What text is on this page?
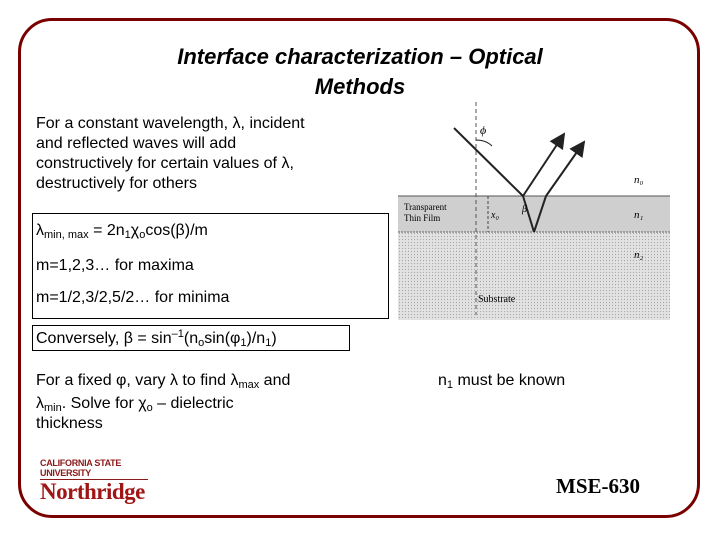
Interface characterization – Optical
Methods
For a constant wavelength, λ, incident
and reflected waves will add
constructively for certain values of λ,
destructively for others
$\lambda_{min, max} = 2n_1\chi_o\cos(\beta)/m$
m=1,2,3… for maxima
m=1/2,3/2,5/2… for minima
Conversely, $\beta = \sin^{-1}(n_o\sin(\varphi_1)/n_1)$
For a fixed φ, vary λ to find $\lambda_{max}$ and
$\lambda_{min}$. Solve for $\chi_o$ – dielectric
thickness
$n_1$ must be known
ϕ
Transparent
Thin Film	x₀
β
n₀
n₁
n₂
Substrate
CALIFORNIA STATE UNIVERSITY
Northridge	MSE-630
